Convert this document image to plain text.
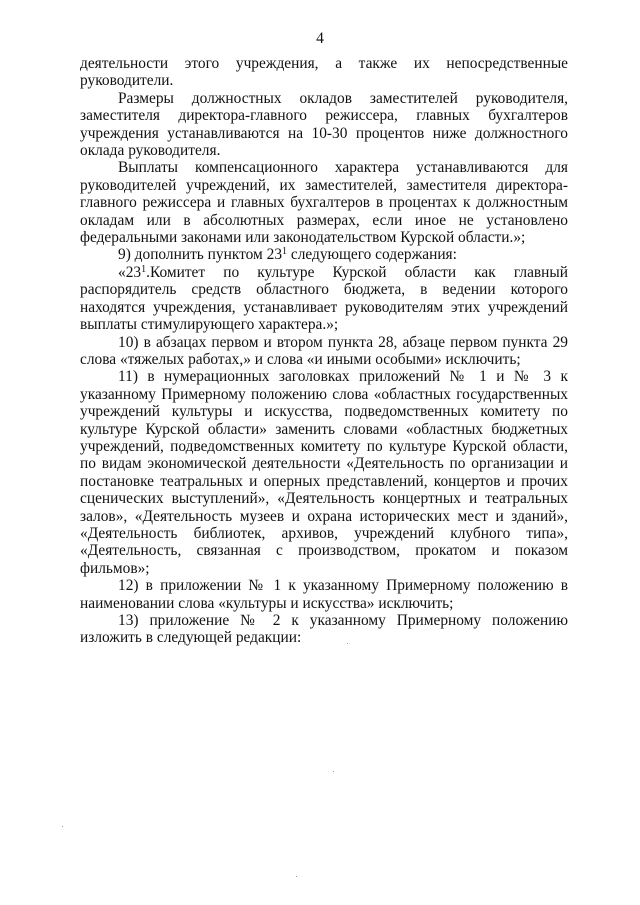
4

деятельности этого учреждения, а также их непосредственные руководители.

Размеры должностных окладов заместителей руководителя, заместителя директора-главного режиссера, главных бухгалтеров учреждения устанавливаются на 10-30 процентов ниже должностного оклада руководителя.

Выплаты компенсационного характера устанавливаются для руководителей учреждений, их заместителей, заместителя директора-главного режиссера и главных бухгалтеров в процентах к должностным окладам или в абсолютных размерах, если иное не установлено федеральными законами или законодательством Курской области.»;

9) дополнить пунктом $23^1$ следующего содержания:

«$23^1.Комитет$ по культуре Курской области как главный распорядитель средств областного бюджета, в ведении которого находятся учреждения, устанавливает руководителям этих учреждений выплаты стимулирующего характера.»;

10) в абзацах первом и втором пункта 28, абзаце первом пункта 29 слова «тяжелых работах,» и слова «и иными особыми» исключить;

11) в нумерационных заголовках приложений № 1 и № 3 к указанному Примерному положению слова «областных государственных учреждений культуры и искусства, подведомственных комитету по культуре Курской области» заменить словами «областных бюджетных учреждений, подведомственных комитету по культуре Курской области, по видам экономической деятельности «Деятельность по организации и постановке театральных и оперных представлений, концертов и прочих сценических выступлений», «Деятельность концертных и театральных залов», «Деятельность музеев и охрана исторических мест и зданий», «Деятельность библиотек, архивов, учреждений клубного типа», «Деятельность, связанная с производством, прокатом и показом фильмов»;

12) в приложении № 1 к указанному Примерному положению в наименовании слова «культуры и искусства» исключить;

13) приложение № 2 к указанному Примерному положению изложить в следующей редакции:
